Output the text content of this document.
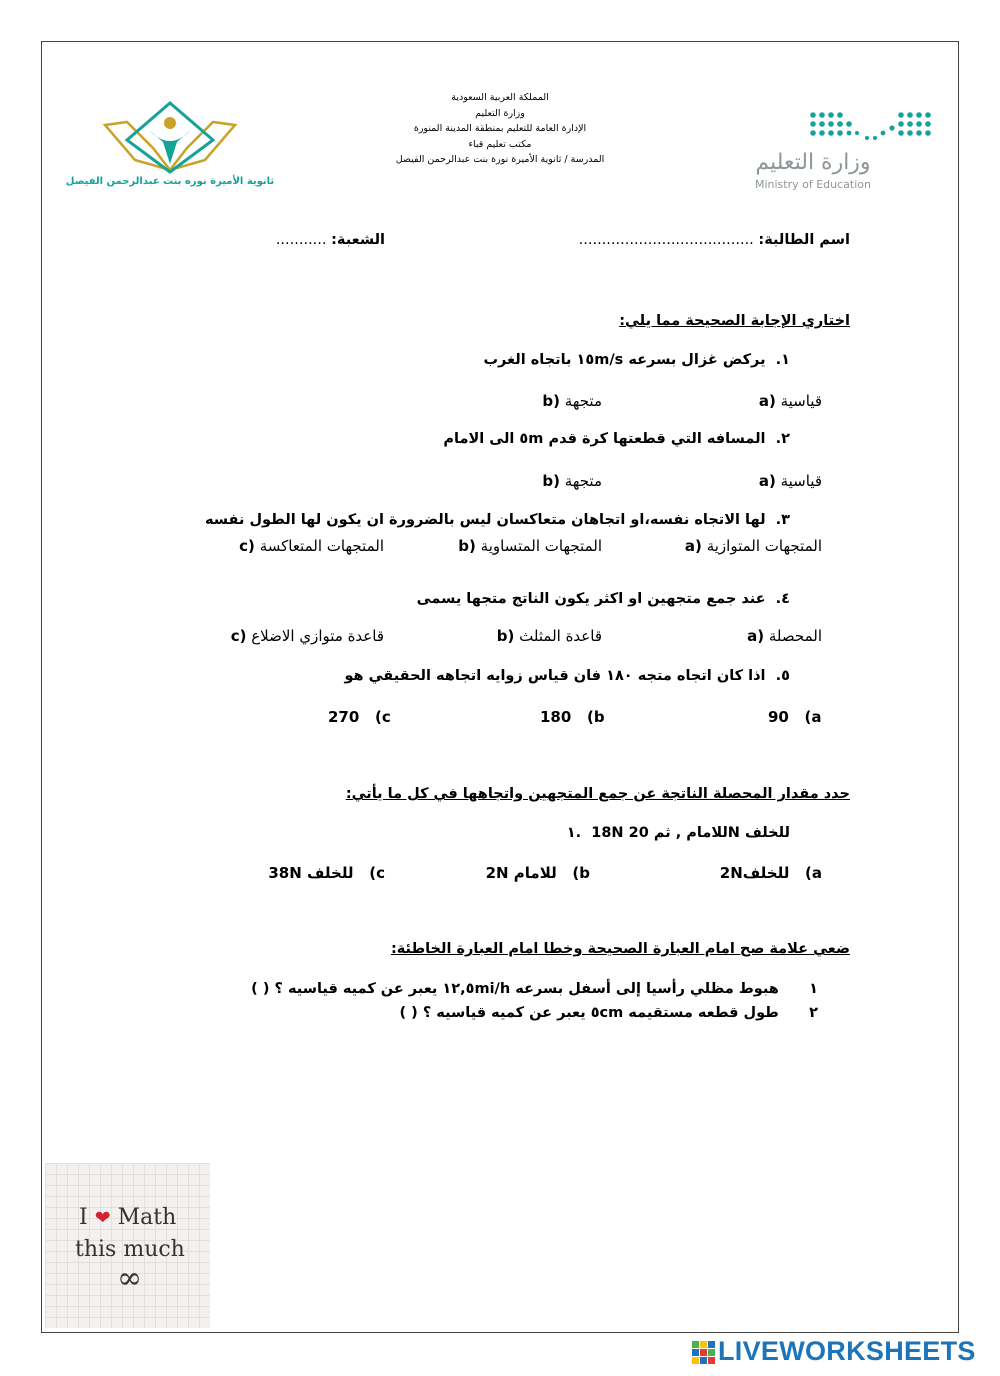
وزارة التعليم
Ministry of Education
المملكة العربية السعودية
وزارة التعليم
الإدارة العامة للتعليم بمنطقة المدينة المنورة
مكتب تعليم قباء
المدرسة / ثانوية الأميرة نورة بنت عبدالرحمن الفيصل
ثانوية الأميرة نوره بنت عبدالرحمن الفيصل
اسم الطالبة: ......................................
الشعبة: ...........
اختاري الإجابة الصحيحة مما يلي:
١.  يركض غزال بسرعه ١٥m/s باتجاه الغرب
a) قياسية
b) متجهة
٢.  المسافه التي قطعتها كرة قدم ٥m الى الامام
a) قياسية
b) متجهة
٣.  لها الاتجاه نفسه،او اتجاهان متعاكسان ليس بالضرورة ان يكون لها الطول نفسه
a) المتجهات المتوازية
b) المتجهات المتساوية
c) المتجهات المتعاكسة
٤.  عند جمع متجهين او اكثر يكون الناتج متجها يسمى
a) المحصلة
b) قاعدة المثلث
c) قاعدة متوازي الاضلاع
٥.  اذا كان اتجاه متجه ١٨٠ فان قياس زوايه اتجاهه الحقيقي هو
90 (a
180 (b
270 (c
حدد مقدار المحصلة الناتجة عن جمع المتجهين واتجاهها في كل ما يأتي:
١. 18N للامام , ثم 20N للخلف
2Nللخلف (a
2N للامام (b
38N للخلف (c
ضعي علامة صح امام العبارة الصحيحة وخطا امام العبارة الخاطئة:
١      هبوط مظلي رأسيا إلى أسفل بسرعه ١٢,٥mi/h يعبر عن كميه قياسيه ؟ ( )
٢      طول قطعه مستقيمه ٥cm يعبر عن كميه قياسيه ؟ ( )
I ❤ Math
this much
∞
LIVEWORKSHEETS
